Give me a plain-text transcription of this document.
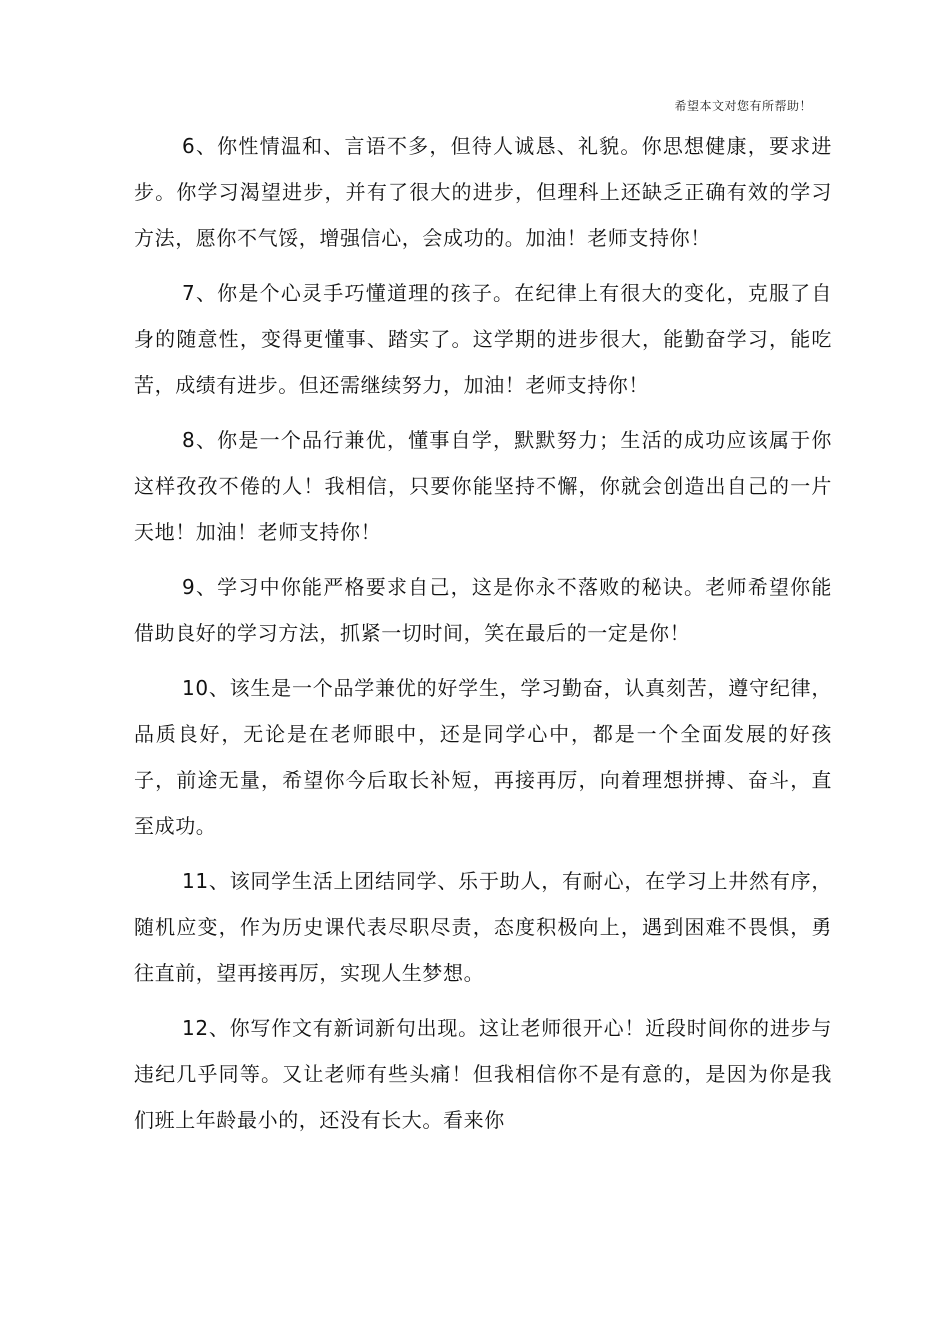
希望本文对您有所帮助！

6、你性情温和、言语不多，但待人诚恳、礼貌。你思想健康，要求进步。你学习渴望进步，并有了很大的进步，但理科上还缺乏正确有效的学习方法，愿你不气馁，增强信心，会成功的。加油！老师支持你！

7、你是个心灵手巧懂道理的孩子。在纪律上有很大的变化，克服了自身的随意性，变得更懂事、踏实了。这学期的进步很大，能勤奋学习，能吃苦，成绩有进步。但还需继续努力，加油！老师支持你！

8、你是一个品行兼优，懂事自学，默默努力；生活的成功应该属于你这样孜孜不倦的人！我相信，只要你能坚持不懈，你就会创造出自己的一片天地！加油！老师支持你！

9、学习中你能严格要求自己，这是你永不落败的秘诀。老师希望你能借助良好的学习方法，抓紧一切时间，笑在最后的一定是你！

10、该生是一个品学兼优的好学生，学习勤奋，认真刻苦，遵守纪律，品质良好，无论是在老师眼中，还是同学心中，都是一个全面发展的好孩子，前途无量，希望你今后取长补短，再接再厉，向着理想拼搏、奋斗，直至成功。

11、该同学生活上团结同学、乐于助人，有耐心，在学习上井然有序，随机应变，作为历史课代表尽职尽责，态度积极向上，遇到困难不畏惧，勇往直前，望再接再厉，实现人生梦想。

12、你写作文有新词新句出现。这让老师很开心！近段时间你的进步与违纪几乎同等。又让老师有些头痛！但我相信你不是有意的，是因为你是我们班上年龄最小的，还没有长大。看来你
